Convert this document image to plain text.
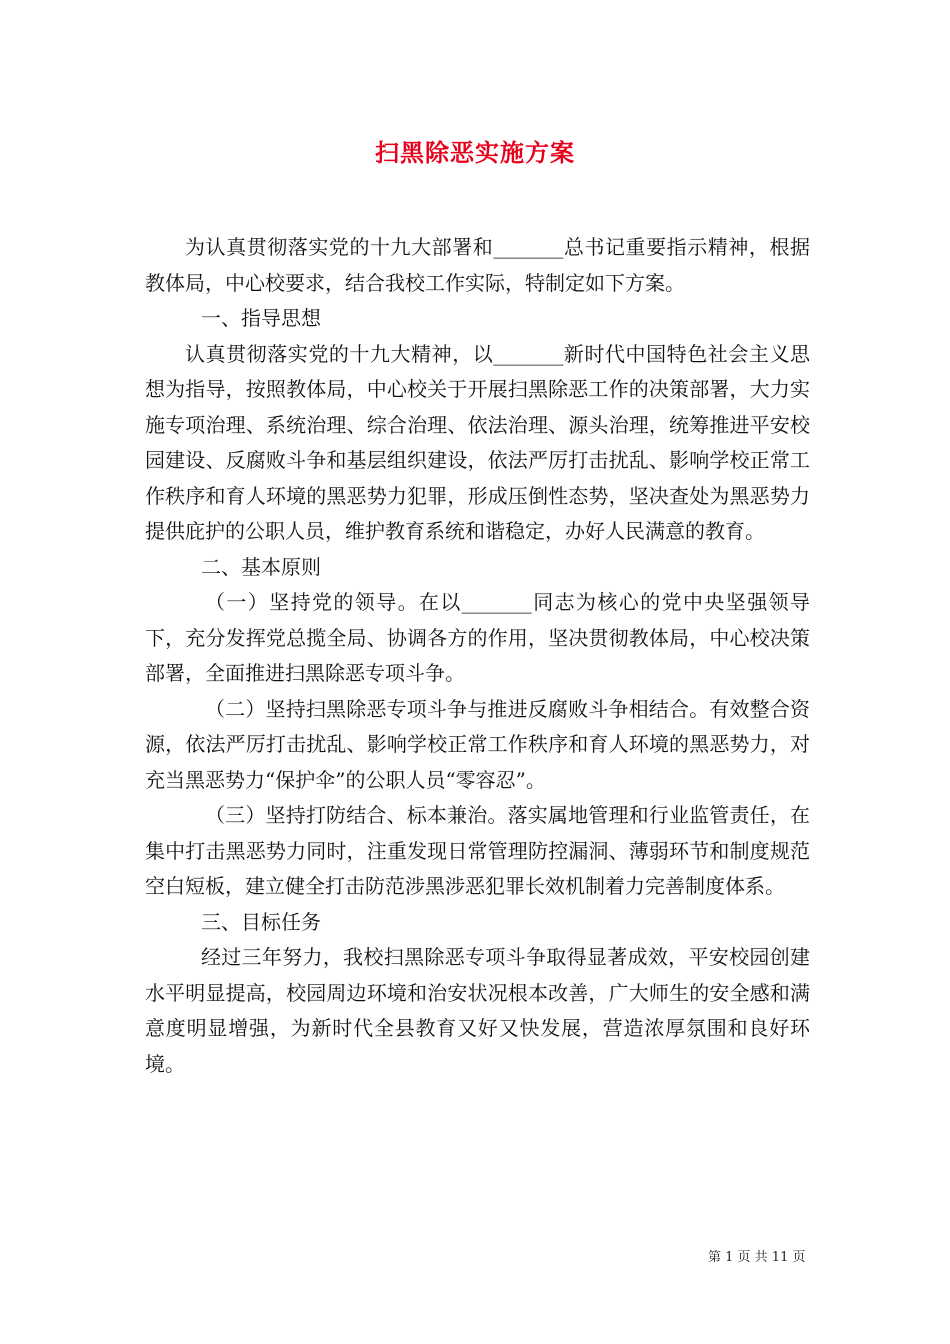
扫黑除恶实施方案

为认真贯彻落实党的十九大部署和_______总书记重要指示精神，根据教体局，中心校要求，结合我校工作实际，特制定如下方案。

一、指导思想

认真贯彻落实党的十九大精神，以_______新时代中国特色社会主义思想为指导，按照教体局，中心校关于开展扫黑除恶工作的决策部署，大力实施专项治理、系统治理、综合治理、依法治理、源头治理，统筹推进平安校园建设、反腐败斗争和基层组织建设，依法严厉打击扰乱、影响学校正常工作秩序和育人环境的黑恶势力犯罪，形成压倒性态势，坚决查处为黑恶势力提供庇护的公职人员，维护教育系统和谐稳定，办好人民满意的教育。

二、基本原则

（一）坚持党的领导。在以_______同志为核心的党中央坚强领导下，充分发挥党总揽全局、协调各方的作用，坚决贯彻教体局，中心校决策部署，全面推进扫黑除恶专项斗争。

（二）坚持扫黑除恶专项斗争与推进反腐败斗争相结合。有效整合资源，依法严厉打击扰乱、影响学校正常工作秩序和育人环境的黑恶势力，对充当黑恶势力“保护伞”的公职人员“零容忍”。

（三）坚持打防结合、标本兼治。落实属地管理和行业监管责任，在集中打击黑恶势力同时，注重发现日常管理防控漏洞、薄弱环节和制度规范空白短板，建立健全打击防范涉黑涉恶犯罪长效机制着力完善制度体系。

三、目标任务

经过三年努力，我校扫黑除恶专项斗争取得显著成效，平安校园创建水平明显提高，校园周边环境和治安状况根本改善，广大师生的安全感和满意度明显增强，为新时代全县教育又好又快发展，营造浓厚氛围和良好环境。

第 1 页 共 11 页
